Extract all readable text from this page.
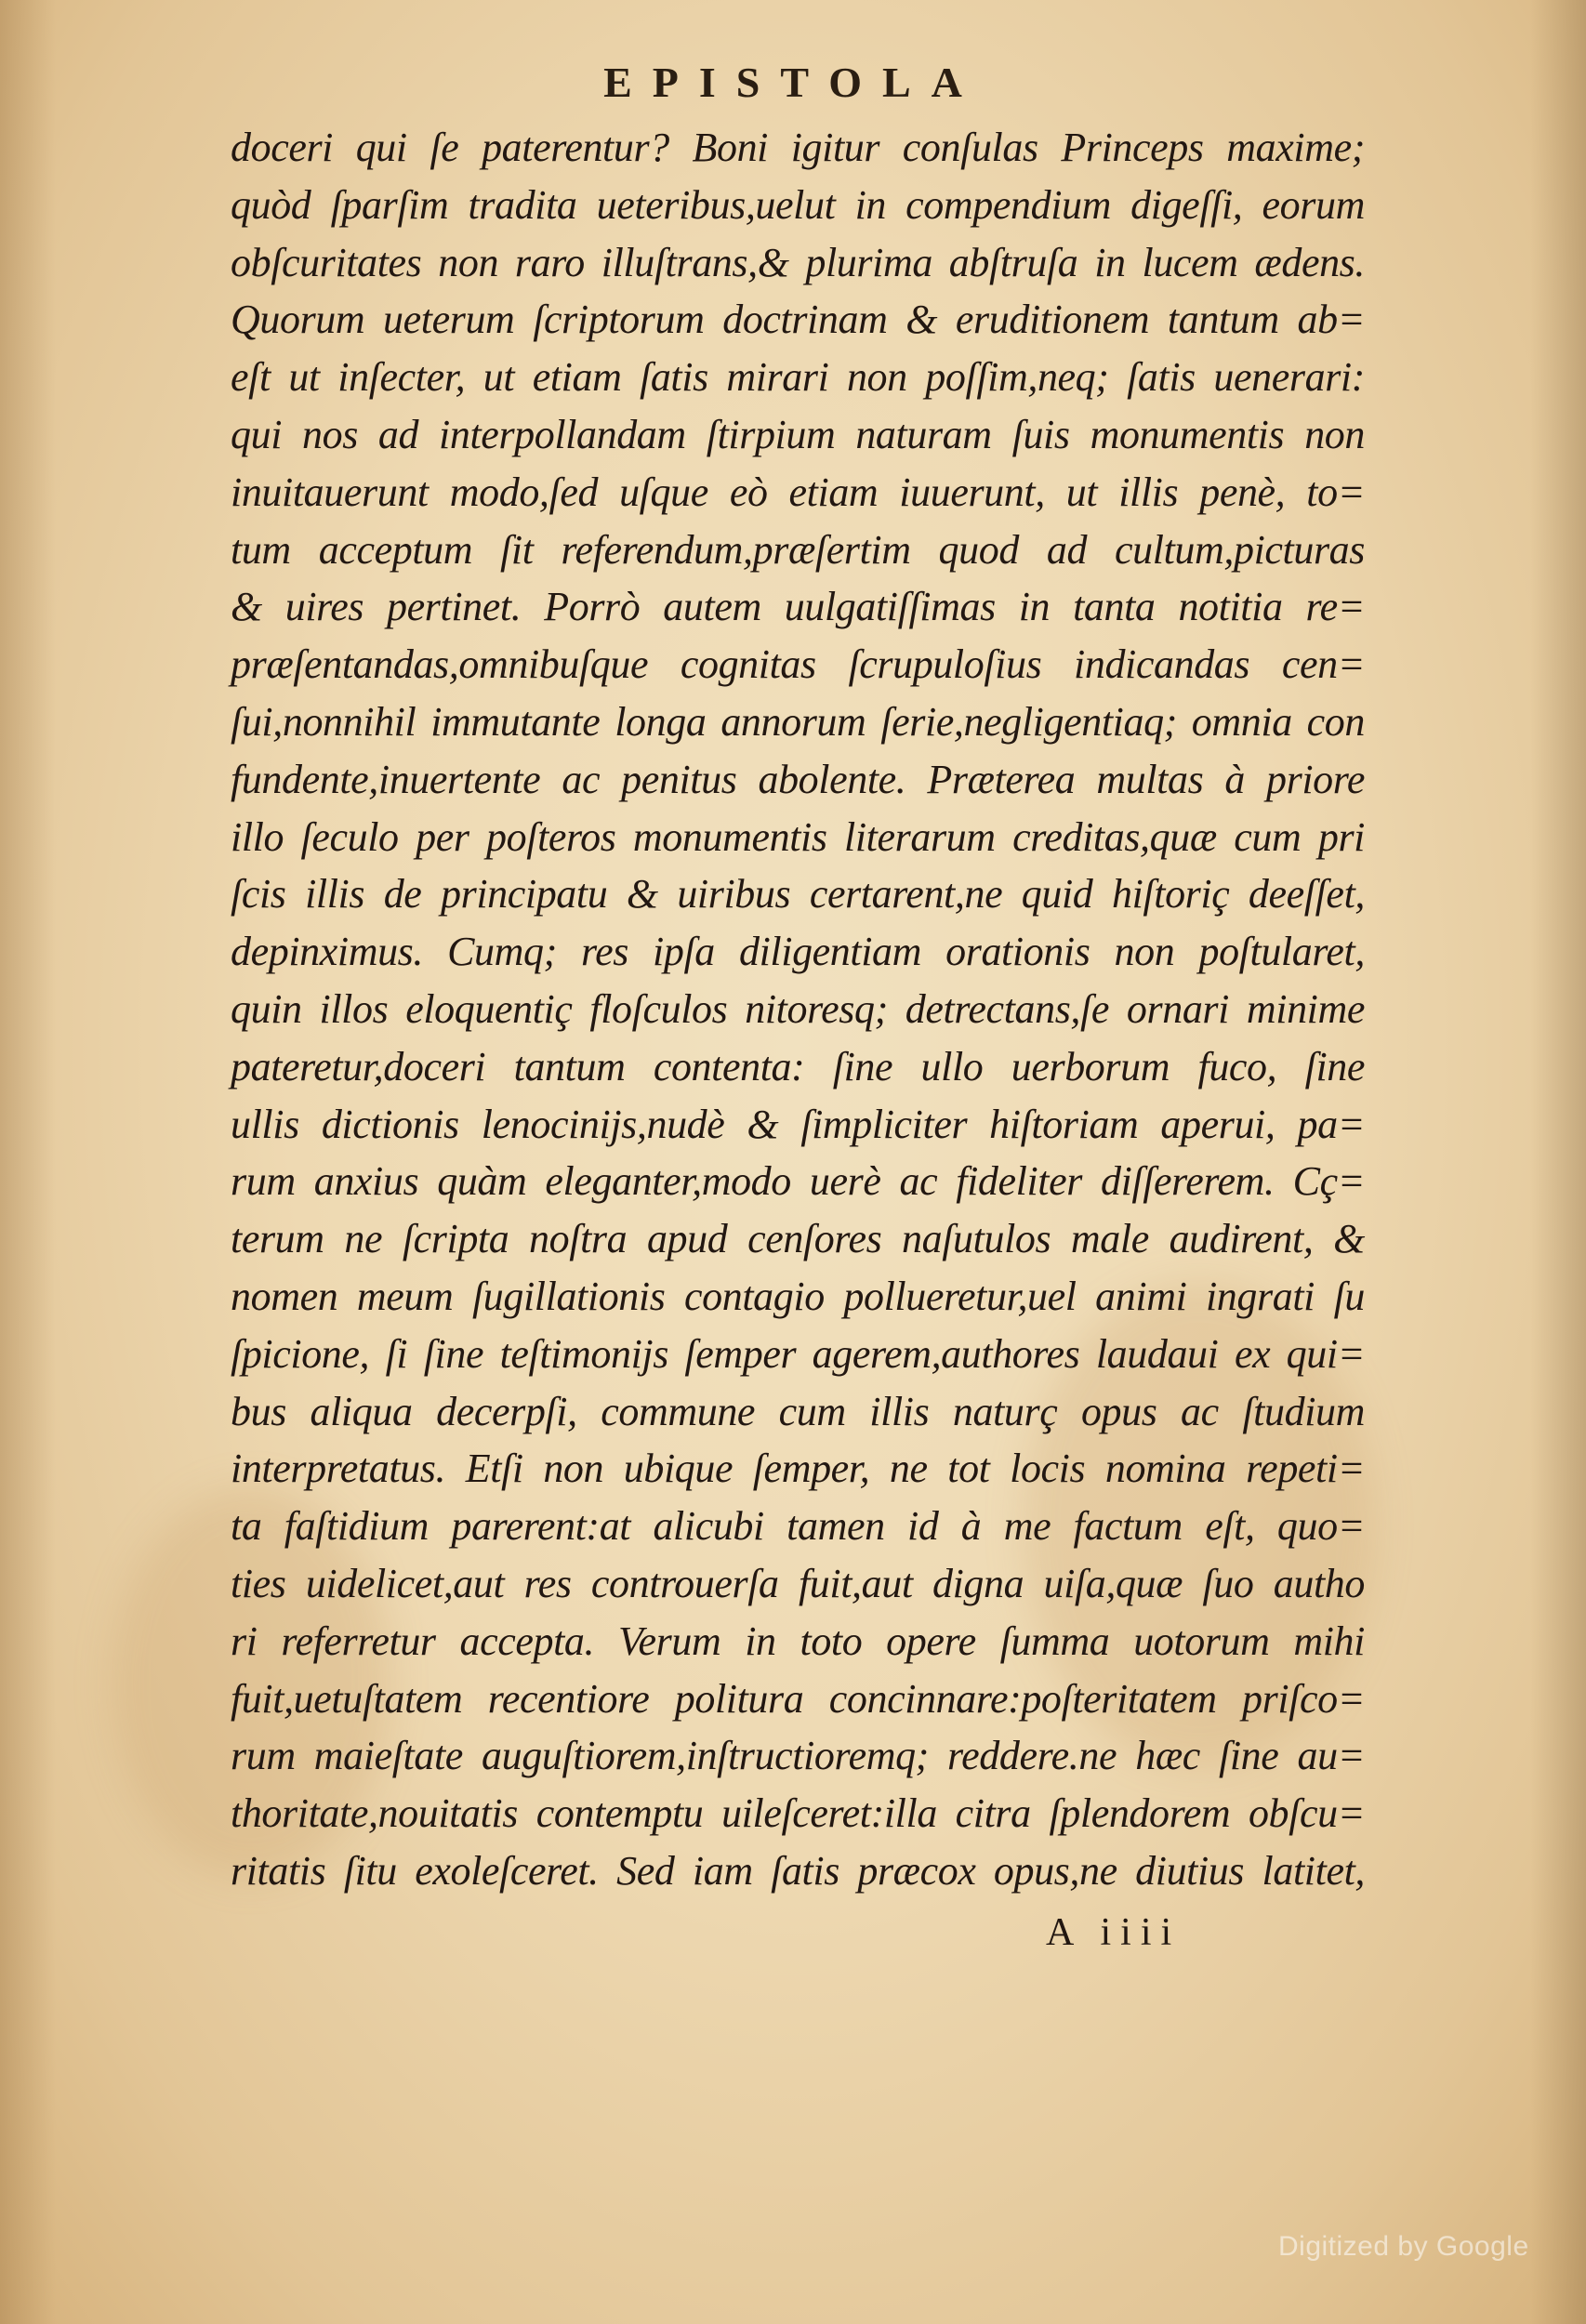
EPISTOLA
doceri qui ſe paterentur? Boni igitur conſulas Princeps maxime;
quòd ſparſim tradita ueteribus,uelut in compendium digeſſi, eorum
obſcuritates non raro illuſtrans,& plurima abſtruſa in lucem ædens.
Quorum ueterum ſcriptorum doctrinam & eruditionem tantum ab=
eſt ut inſecter, ut etiam ſatis mirari non poſſim,neq; ſatis uenerari:
qui nos ad interpollandam ſtirpium naturam ſuis monumentis non
inuitauerunt modo,ſed uſque eò etiam iuuerunt, ut illis penè, to=
tum acceptum ſit referendum,præſertim quod ad cultum,picturas
& uires pertinet. Porrò autem uulgatiſſimas in tanta notitia re=
præſentandas,omnibuſque cognitas ſcrupuloſius indicandas cen=
ſui,nonnihil immutante longa annorum ſerie,negligentiaq; omnia con
fundente,inuertente ac penitus abolente. Præterea multas à priore
illo ſeculo per poſteros monumentis literarum creditas,quæ cum pri
ſcis illis de principatu & uiribus certarent,ne quid hiſtoriç deeſſet,
depinximus. Cumq; res ipſa diligentiam orationis non poſtularet,
quin illos eloquentiç floſculos nitoresq; detrectans,ſe ornari minime
pateretur,doceri tantum contenta: ſine ullo uerborum fuco, ſine
ullis dictionis lenocinijs,nudè & ſimpliciter hiſtoriam aperui, pa=
rum anxius quàm eleganter,modo uerè ac fideliter diſſererem. Cç=
terum ne ſcripta noſtra apud cenſores naſutulos male audirent, &
nomen meum ſugillationis contagio pollueretur,uel animi ingrati ſu
ſpicione, ſi ſine teſtimonijs ſemper agerem,authores laudaui ex qui=
bus aliqua decerpſi, commune cum illis naturç opus ac ſtudium
interpretatus. Etſi non ubique ſemper, ne tot locis nomina repeti=
ta faſtidium parerent:at alicubi tamen id à me factum eſt, quo=
ties uidelicet,aut res controuerſa fuit,aut digna uiſa,quæ ſuo autho
ri referretur accepta. Verum in toto opere ſumma uotorum mihi
fuit,uetuſtatem recentiore politura concinnare:poſteritatem priſco=
rum maieſtate auguſtiorem,inſtructioremq; reddere.ne hæc ſine au=
thoritate,nouitatis contemptu uileſceret:illa citra ſplendorem obſcu=
ritatis ſitu exoleſceret. Sed iam ſatis præcox opus,ne diutius latitet,
A iiii
Digitized by Google
